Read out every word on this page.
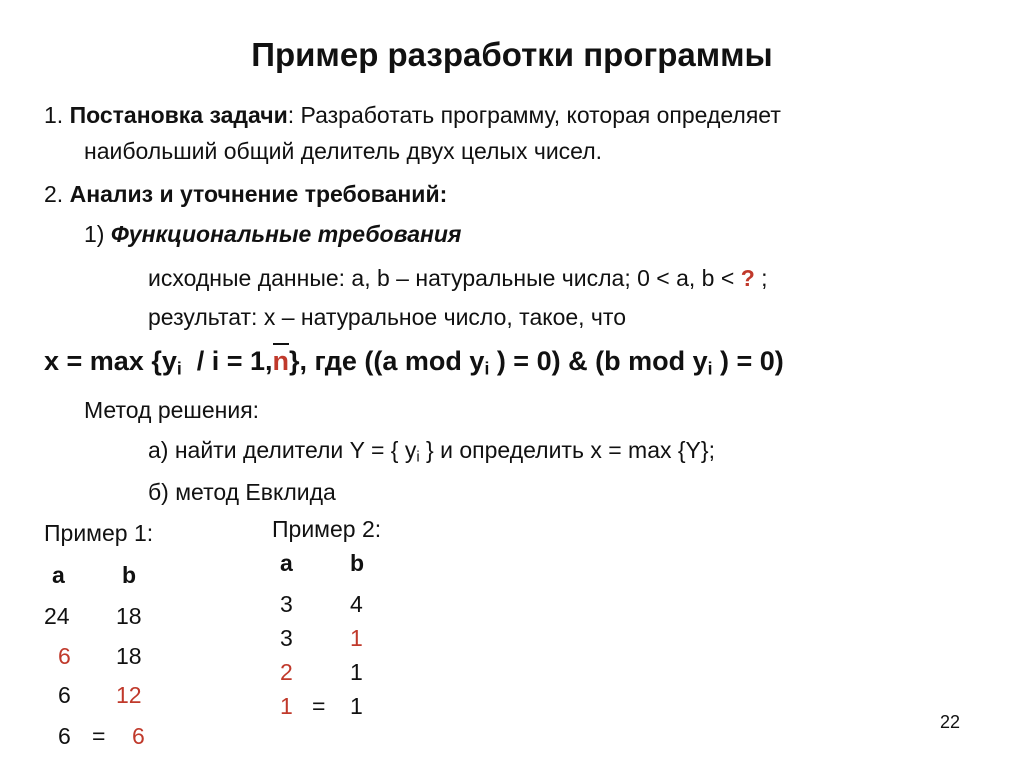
Пример разработки программы
1. Постановка задачи: Разработать программу, которая определяет
наибольший общий делитель двух целых чисел.
2. Анализ и уточнение требований:
1) Функциональные требования
исходные данные: a, b – натуральные числа; 0 < a, b < ? ;
результат: x – натуральное число, такое, что
$x = \max \{y_i / i = 1,n\}$, где ((a mod $y_i$ ) = 0) & (b mod $y_i$ ) = 0)
Метод решения:
а) найти делители Y = { $y_i$ } и определить x = max {Y};
б) метод Евклида
Пример 1:
a b
24 18
6 18
6 12
6 = 6
Пример 2:
a b
3 4
3 1
2 1
1 = 1
22
